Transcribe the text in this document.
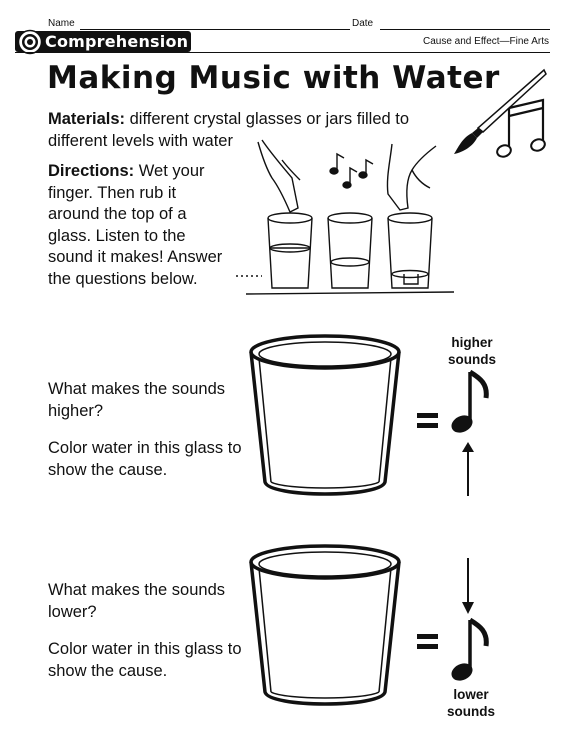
Name	Date
Comprehension	Cause and Effect—Fine Arts
Making Music with Water
Materials: different crystal glasses or jars filled to different levels with water
Directions: Wet your finger. Then rub it around the top of a glass. Listen to the sound it makes! Answer the questions below.
What makes the sounds higher?
Color water in this glass to show the cause.
higher
sounds
What makes the sounds lower?
Color water in this glass to show the cause.
lower
sounds
